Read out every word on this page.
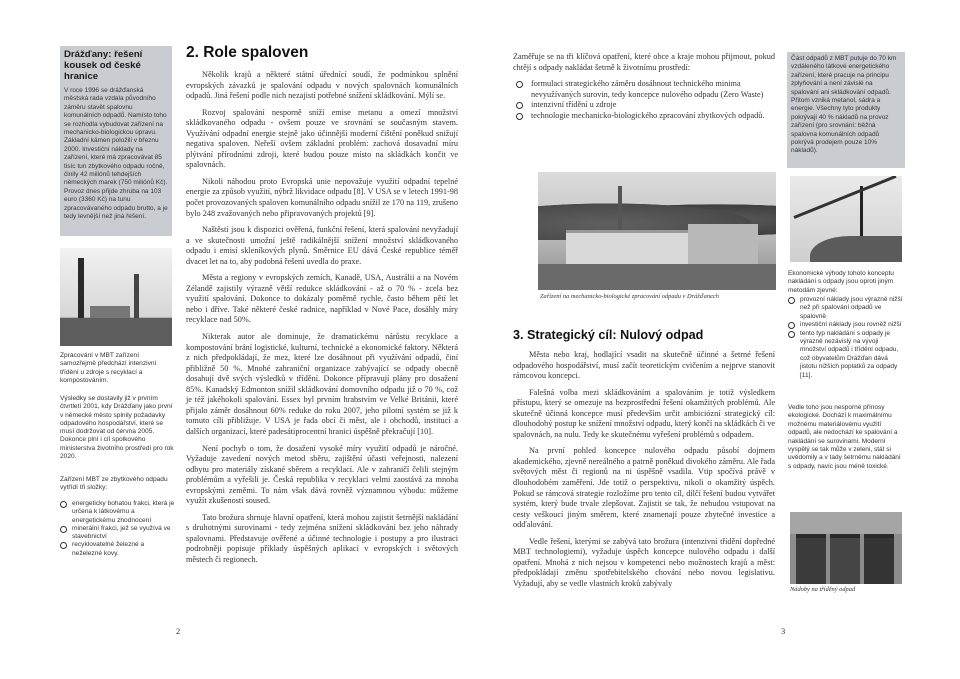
Drážďany: řešení kousek od české hranice
V roce 1996 se drážďanská městská rada vzdala původního záměru stavět spalovnu komunálních odpadů. Namísto toho se rozhodla vybudovat zařízení na mechanicko-biologickou úpravu. Základní kámen položili v březnu 2000. Investiční náklady na zařízení, které má zpracovávat 85 tisíc tun zbytkového odpadu ročně, činily 42 miliónů tehdejších německých marek (750 miliónů Kč). Provoz dnes přijde zhruba na 103 euro (3360 Kč) na tunu zpracovávaného odpadu brutto, a je tedy levnější než jiná řešení.
Zpracování v MBT zařízení samozřejmě předchází intenzivní třídění u zdroje s recyklací a kompostováním.
Výsledky se dostavily již v prvním čtvrtletí 2001, kdy Drážďany jako první v německé město splnily požadavky odpadového hospodářství, které se musí dodržovat od června 2005. Dokonce plní i cíl spolkového ministerstva životního prostředí pro rok 2020.
Zařízení MBT ze zbytkového odpadu vytřídí tři složky:
energeticky bohatou frakci, která je určena k látkovému a energetickému zhodnocení
minerální frakci, jež se využívá ve stavebnictví
recyklovatelné železné a neželezné kovy.
2. Role spaloven

Několik krajů a některé státní úřednící soudí, že podmínkou splnění evropských závazků je spalování odpadu v nových spalovnách komunálních odpadů. Jiná řešení podle nich nezajistí potřebné snížení skládkování. Mýlí se.

Rozvoj spalování nesporně sníží emise metanu a omezí množství skládkovaného odpadu - ovšem pouze ve srovnání se současným stavem. Využívání odpadní energie stejně jako účinnější moderní čištění poněkud snižují negativa spaloven. Neřeší ovšem základní problém: zachová dosavadní míru plýtvání přírodními zdroji, které budou pouze místo na skládkách končit ve spalovnách.

Nikoli náhodou proto Evropská unie nepovažuje využití odpadní tepelné energie za způsob využití, nýbrž likvidace odpadu [8]. V USA se v letech 1991-98 počet provozovaných spaloven komunálního odpadu snížil ze 170 na 119, zrušeno bylo 248 zvažovaných nebo připravovaných projektů [9].

Naštěstí jsou k dispozici ověřená, funkční řešení, která spalování nevyžadují a ve skutečnosti umožní ještě radikálnější snížení množství skládkovaného odpadu i emisí skleníkových plynů. Směrnice EU dává České republice téměř dvacet let na to, aby podobná řešení uvedla do praxe.

Města a regiony v evropských zemích, Kanadě, USA, Austrálii a na Novém Zélandě zajistily výrazně větší redukce skládkování - až o 70 % - zcela bez využití spalování. Dokonce to dokázaly poměrně rychle, často během pětí let nebo i dříve. Také některé české radnice, například v Nové Pace, dosáhly míry recyklace nad 50%.

Nikterak autor ale dominuje, že dramatickému nárůstu recyklace a kompostování brání logistické, kulturní, technické a ekonomické faktory. Některá z nich předpokládají, že mez, které lze dosáhnout při využívání odpadů, činí přibližně 50 %. Mnohé zahraniční organizace zabývající se odpady obecně dosahují dvě svých výsledků v třídění. Dokonce přípravují plány pro dosažení 85%. Kanadský Edmonton snížil skládkování domovního odpadu již o 70 %, což je též jakéhokoli spalování. Essex byl prvním hrabstvím ve Velké Británii, které přijalo záměr dosáhnout 60% reduke do roku 2007, jeho pilotní systém se již k tomuto cíli přibližuje. V USA je řada obcí či měst, ale i obchodů, institucí a dalších organizací, které padesátiprocentní hranici úspěšně překračují [10].

Není pochyb o tom, že dosažení vysoké míry využití odpadů je náročné. Vyžaduje zavedení nových metod sběru, zajištění účasti veřejnosti, nalezení odbytu pro materiály získané sběrem a recyklací. Ale v zahraničí čelili stejným problémům a vyřešili je. Česká republika v recyklaci velmi zaostává za mnoha evropskými zeměmi. To nám však dává rovněž významnou výhodu: můžeme využít zkušeností soused.

Tato brožura shrnuje hlavní opatření, která mohou zajistit šetrnější nakládání s druhotnými surovinami - tedy zejména snížení skládkování bez jeho náhrady spalovnami. Představuje ověřené a účinné technologie i postupy a pro ilustraci podrobněji popisuje příklady úspěšných aplikací v evropských i světových městech či regionech.

2

Zaměřuje se na tři klíčová opatření, které obce a kraje mohou přijmout, pokud chtějí s odpady nakládat šetrně k životnímu prostředí:

formulaci strategického záměru dosáhnout technického minima nevyužívaných surovin, tedy koncepce nulového odpadu (Zero Waste)
intenzivní třídění u zdroje
technologie mechanicko-biologického zpracování zbytkových odpadů.
Zařízení na mechanicko-biologické zpracování odpadu v Drážďanech
3. Strategický cíl: Nulový odpad

Města nebo kraj, hodlající vsadit na skutečně účinné a šetrné řešení odpadového hospodářství, musí začít teoretickým cvičením a nejprve stanovit rámcovou koncepci.

Falešná volba mezi skládkováním a spalováním je totiž výsledkem přístupu, který se omezuje na bezprostřední řešení okamžitých problémů. Ale skutečně účinná koncepce musí především určit ambiciózní strategický cíl: dlouhodobý postup ke snížení množství odpadu, který končí na skládkách či ve spalovnách, na nulu. Tedy ke skutečnému vyřešení problémů s odpadem.

Na první pohled koncepce nulového odpadu působí dojmem akademického, zjevně nereálného a patrně poněkud divokého záměru. Ale řada světových měst či regionů na ni úspěšně vsadila. Vtip spočívá právě v dlouhodobém zaměření. Jde totiž o perspektivu, nikoli o okamžitý úspěch. Pokud se rámcová strategie rozložíme pro tento cíl, dílčí řešení budou vytvářet systém, který bude trvale zlepšovat. Zajistit se tak, že nebudou vstupovat na cesty veškoucí jiným směrem, které znamenají pouze zbytečné investice a odďalování.

Vedle řešení, kterými se zabývá tato brožura (intenzivní třídění dopředné MBT technologiemi), vyžaduje úspěch koncepce nulového odpadu i další opatření. Mnohá z nich nejsou v kompetenci nebo možnostech krajů a měst: předpokládají změnu spotřebitelského chování nebo novou legislativu. Vyžadují, aby se vedle vlastních kroků zabývaly

Část odpadů z MBT putuje do 70 km vzdáleného látkové energetického zařízení, které pracuje na principu zplyňování a není závislé na spalování ani skládkování odpadů. Přitom vzniká metanol, sádra a energie. Všechny tyto produkty pokrývají 40 % nákladů na provoz zařízení (pro srovnání: běžná spalovna komunálních odpadů pokrývá prodejem pouze 10% nákladů).
Ekonomické výhody tohoto konceptu nakládání s odpady jsou oproti jiným metodám zjevné:
provozní náklady jsou výrazně nižší než při spalování odpadů ve spalovně
investiční náklady jsou rovněž nižší
tento typ nakládání s odpady je výrazně nezávislý na vývoji množství odpadů i třídění odpadu, což obyvatelům Drážďan dává jistotu nižších poplatků za odpady [11].
Vedle toho jsou nesporné přínosy ekologické. Dochází k maximálnímu možnému materiálovému využití odpadů, ale nedochází ke spalování a nakládání se surovinami. Moderní vyspělý se tak může v zeleni, stát si uvědomily a v tady šetrněmu nakládání s odpady, navíc jsou méně toxické.
Nádoby na tříděný odpad
3
